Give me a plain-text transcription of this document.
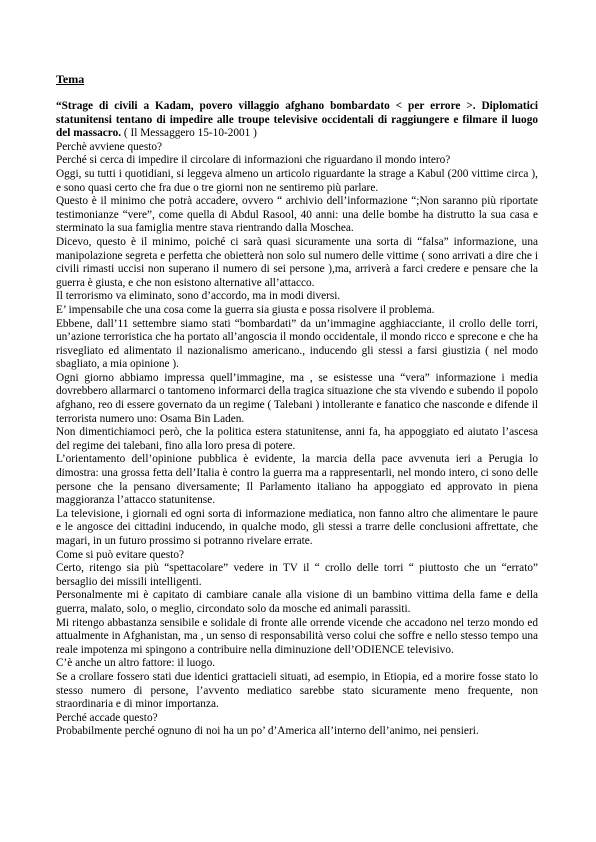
Tema

“Strage di civili a Kadam, povero villaggio afghano bombardato < per errore >. Diplomatici statunitensi tentano di impedire alle troupe televisive occidentali di raggiungere e filmare il luogo del massacro. ( Il Messaggero 15-10-2001 )

Perchè avviene questo?

Perché si cerca di impedire il circolare di informazioni che riguardano il mondo intero?

Oggi, su tutti i quotidiani, si leggeva almeno un articolo riguardante la strage a Kabul (200 vittime circa ), e sono quasi certo che fra due o tre giorni non ne sentiremo più parlare.

Questo è il minimo che potrà accadere, ovvero “ archivio dell’informazione “;Non saranno più riportate testimonianze “vere”, come quella di Abdul Rasool, 40 anni: una delle bombe ha distrutto la sua casa e sterminato la sua famiglia mentre stava rientrando dalla Moschea.

Dicevo, questo è il minimo, poiché ci sarà quasi sicuramente una sorta di “falsa” informazione, una manipolazione segreta e perfetta che obietterà non solo sul numero delle vittime ( sono arrivati a dire che i civili rimasti uccisi non superano il numero di sei persone ),ma, arriverà a farci credere e pensare che la guerra è giusta, e che non esistono alternative all’attacco.

Il terrorismo va eliminato, sono d’accordo, ma in modi diversi.

E’ impensabile che una cosa come la guerra sia giusta e possa risolvere il problema.

Ebbene, dall’11 settembre siamo stati “bombardati” da un’immagine agghiacciante, il crollo delle torri, un’azione terroristica che ha portato all’angoscia il mondo occidentale, il mondo ricco e sprecone e che ha risvegliato ed alimentato il nazionalismo americano., inducendo gli stessi a farsi giustizia ( nel modo sbagliato, a mia opinione ).

Ogni giorno abbiamo impressa quell’immagine, ma , se esistesse una “vera” informazione i media dovrebbero allarmarci o tantomeno informarci della tragica situazione che sta vivendo e subendo il popolo afghano, reo di essere governato da un regime ( Talebani ) intollerante e fanatico che nasconde e difende il terrorista numero uno: Osama Bin Laden.

Non dimentichiamoci però, che la politica estera statunitense, anni fa, ha appoggiato ed aiutato l’ascesa del regime dei talebani, fino alla loro presa di potere.

L’orientamento dell’opinione pubblica è evidente, la marcia della pace avvenuta ieri a Perugia lo dimostra: una grossa fetta dell’Italia è contro la guerra ma a rappresentarli, nel mondo intero, ci sono delle persone che la pensano diversamente; Il Parlamento italiano ha appoggiato ed approvato in piena maggioranza l’attacco statunitense.

La televisione, i giornali ed ogni sorta di informazione mediatica, non fanno altro che alimentare le paure e le angosce dei cittadini inducendo, in qualche modo, gli stessi a trarre delle conclusioni affrettate, che magari, in un futuro prossimo si potranno rivelare errate.

Come si può evitare questo?

Certo, ritengo sia più “spettacolare” vedere in TV il “ crollo delle torri “ piuttosto che un “errato” bersaglio dei missili intelligenti.

Personalmente mi è capitato di cambiare canale alla visione di un bambino vittima della fame e della guerra, malato, solo, o meglio, circondato solo da mosche ed animali parassiti.

Mi ritengo abbastanza sensibile e solidale di fronte alle orrende vicende che accadono nel terzo mondo ed attualmente in Afghanistan, ma , un senso di responsabilità verso colui che soffre e nello stesso tempo una reale impotenza mi spingono a contribuire nella diminuzione dell’ODIENCE televisivo.

C’è anche un altro fattore: il luogo.

Se a crollare fossero stati due identici grattacieli situati, ad esempio, in Etiopia, ed a morire fosse stato lo stesso numero di persone, l’avvento mediatico sarebbe stato sicuramente meno frequente, non straordinaria e di minor importanza.

Perché accade questo?

Probabilmente perché ognuno di noi ha un po’ d’America all’interno dell’animo, nei pensieri.
